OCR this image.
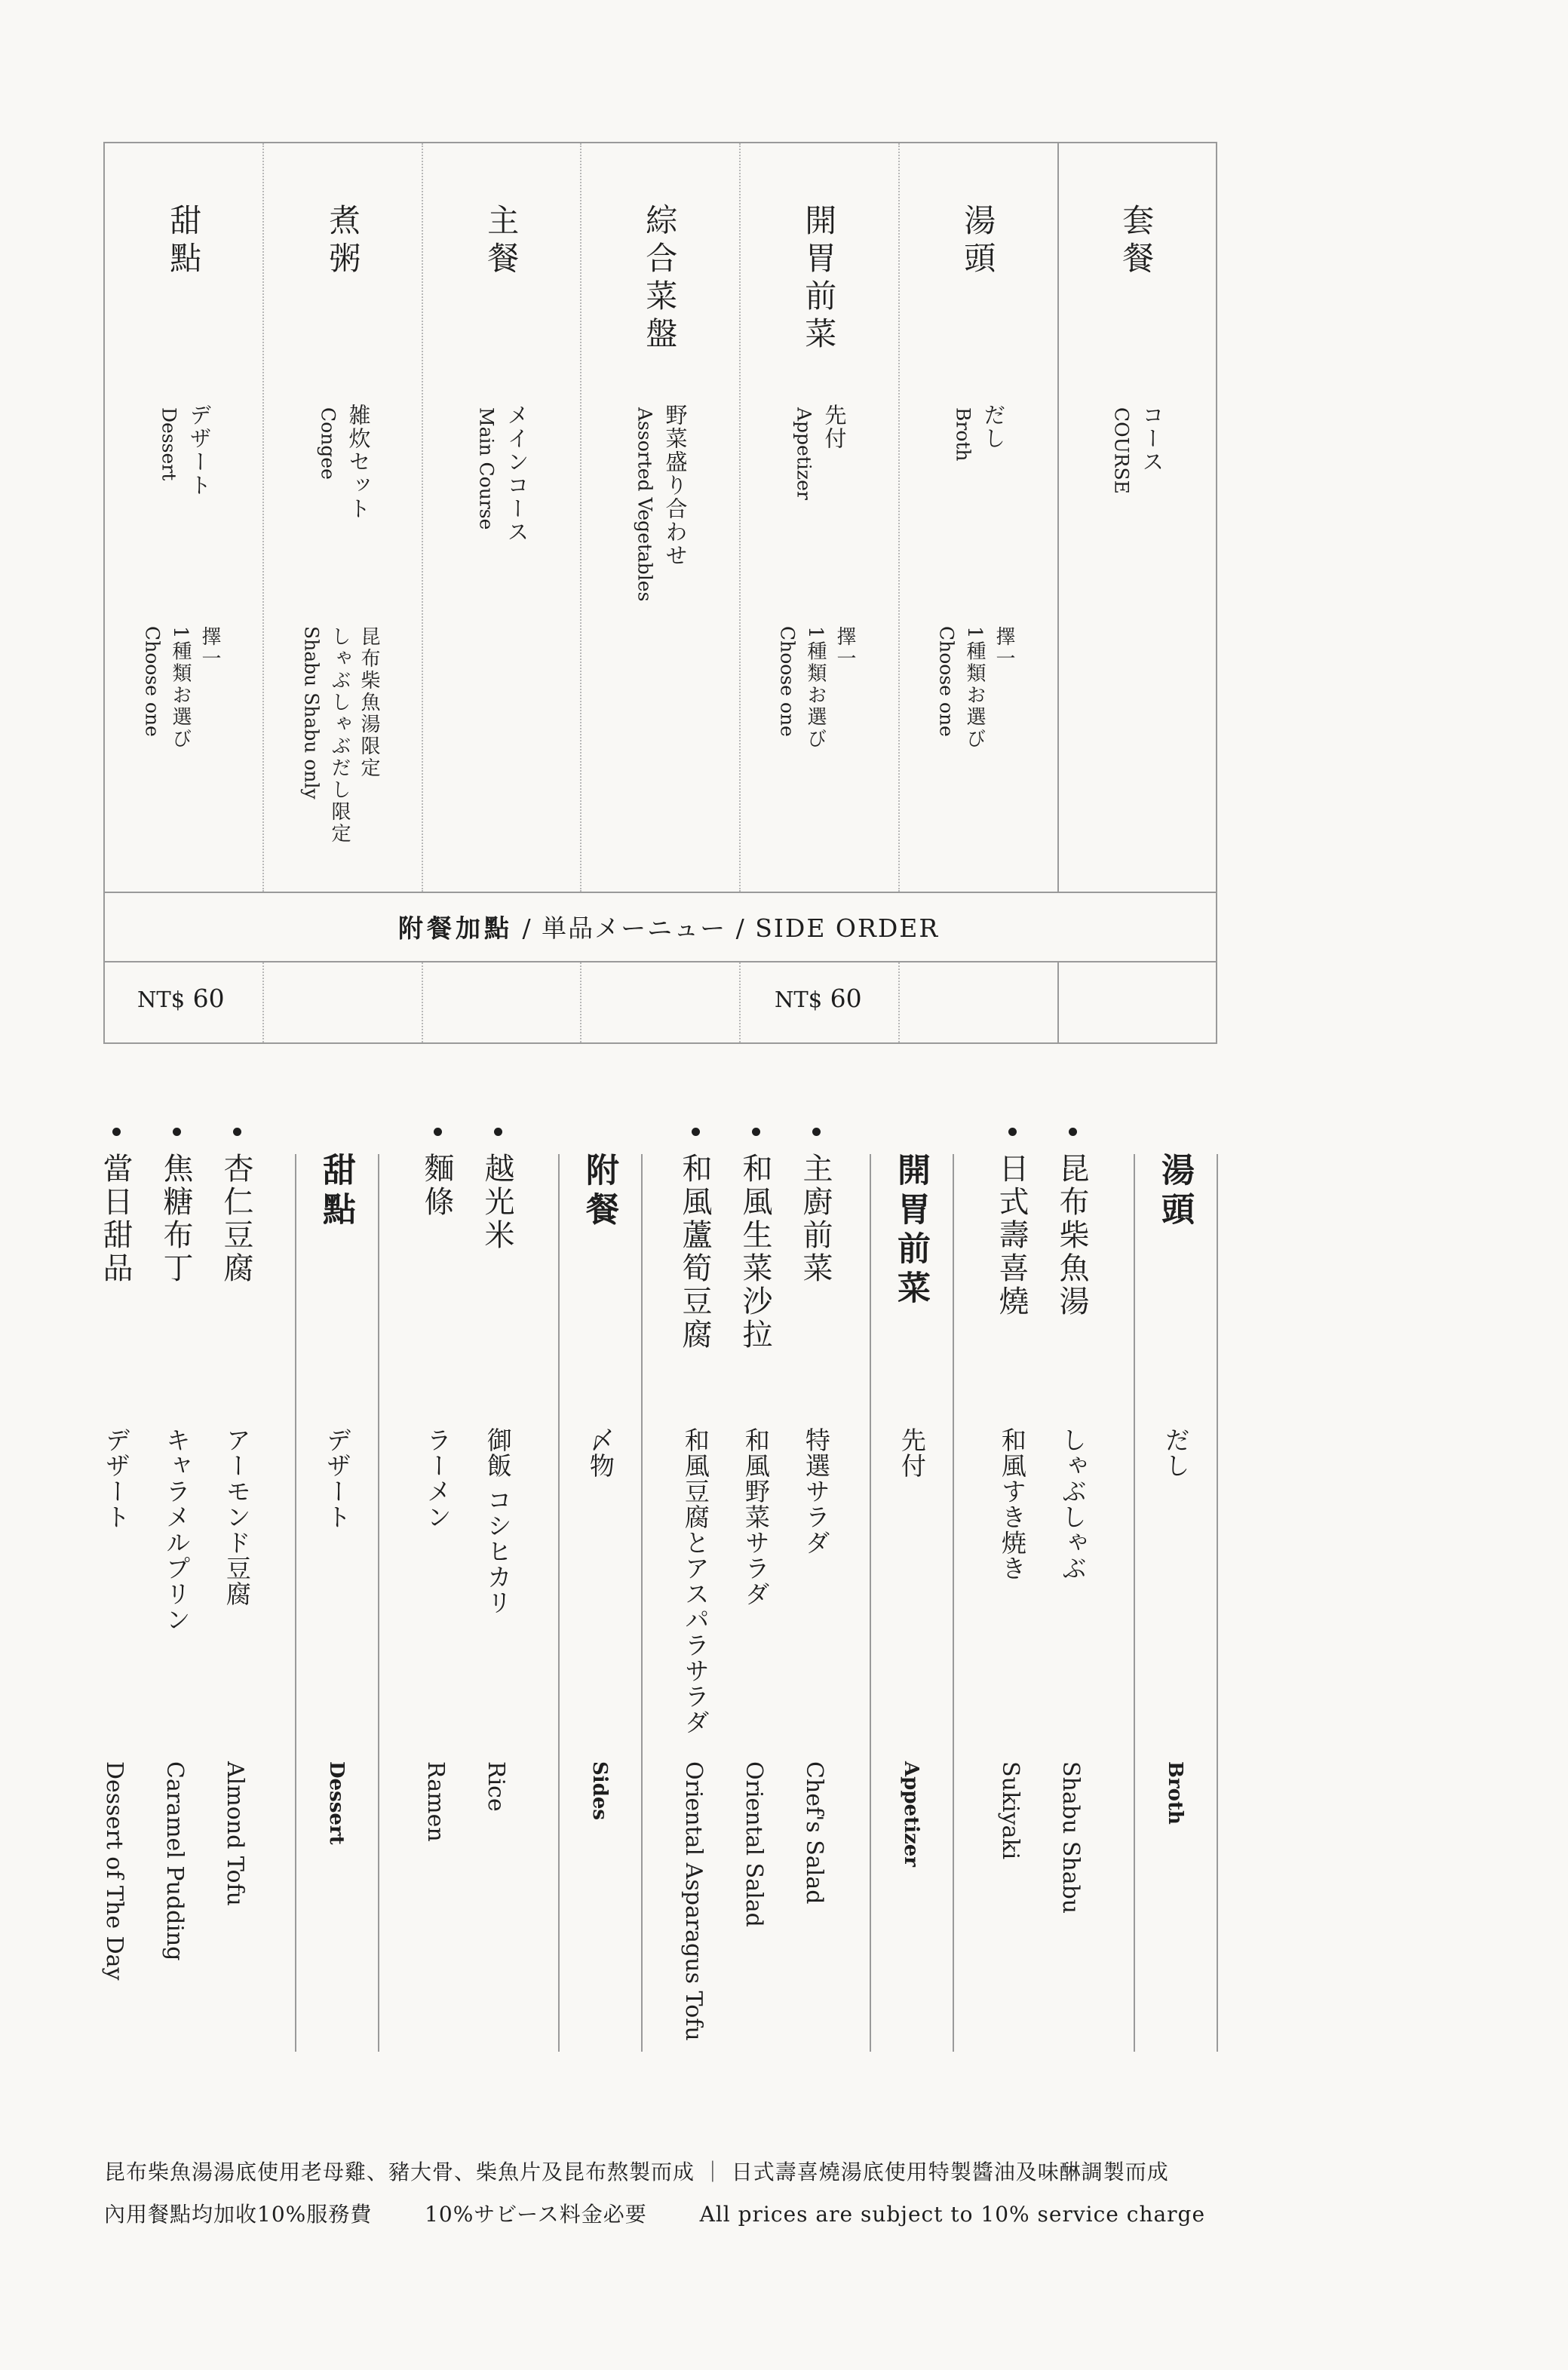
套餐
コース
COURSE
湯頭
だし
Broth
擇一
1種類お選び
Choose one
開胃前菜
先付
Appetizer
擇一
1種類お選び
Choose one
綜合菜盤
野菜盛り合わせ
Assorted Vegetables
主餐
メインコース
Main Course
煮粥
雑炊セット
Congee
昆布柴魚湯限定
しゃぶしゃぶだし限定
Shabu Shabu only
甜點
デザート
Dessert
擇一
1種類お選び
Choose one
附餐加點 / 単品メーニュー / SIDE ORDER
NT$ 60	NT$ 60
湯頭
だし
Broth
昆布柴魚湯
しゃぶしゃぶ
Shabu Shabu
日式壽喜燒
和風すき焼き
Sukiyaki
開胃前菜
先付
Appetizer
主廚前菜
特選サラダ
Chef's Salad
和風生菜沙拉
和風野菜サラダ
Oriental Salad
和風蘆筍豆腐
和風豆腐とアスパラサラダ
Oriental Asparagus Tofu
附餐
〆物
Sides
越光米
御飯 コシヒカリ
Rice
麵條
ラーメン
Ramen
甜點
デザート
Dessert
杏仁豆腐
アーモンド豆腐
Almond Tofu
焦糖布丁
キャラメルプリン
Caramel Pudding
當日甜品
デザート
Dessert of The Day
昆布柴魚湯湯底使用老母雞、豬大骨、柴魚片及昆布熬製而成 ｜ 日式壽喜燒湯底使用特製醬油及味醂調製而成
內用餐點均加收10%服務費 10%サビース料金必要 All prices are subject to 10% service charge
